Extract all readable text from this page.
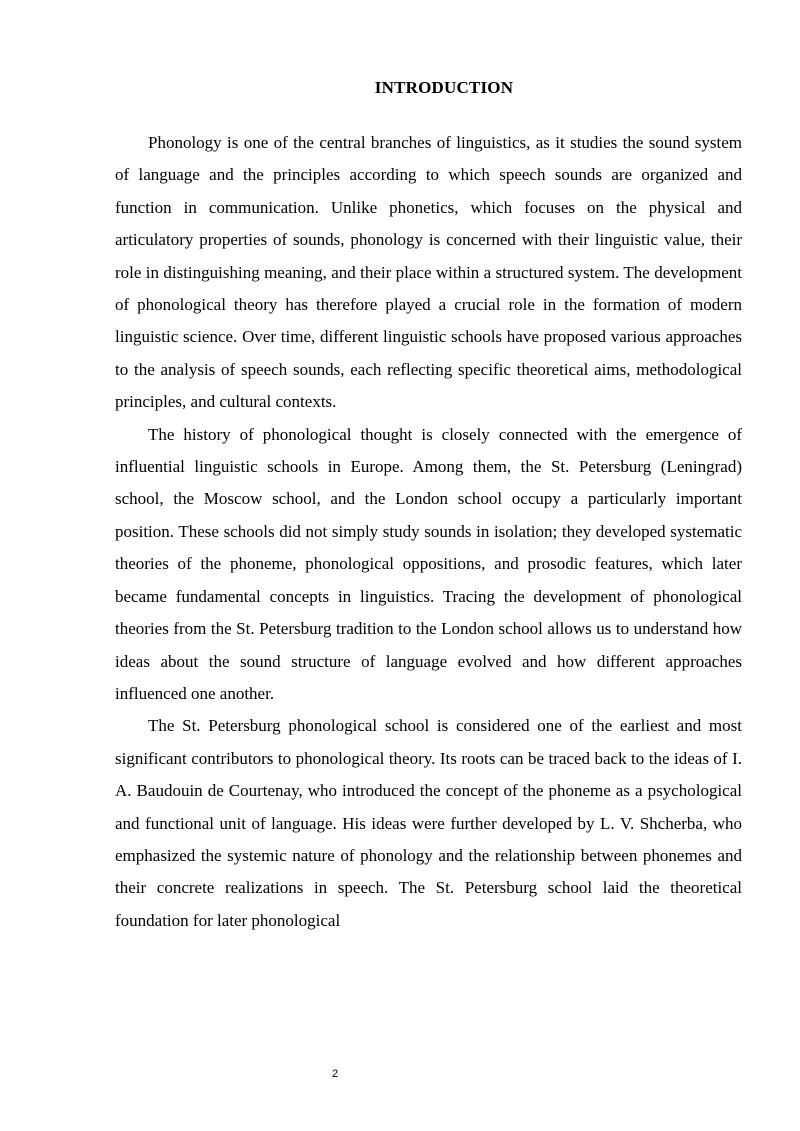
INTRODUCTION

Phonology is one of the central branches of linguistics, as it studies the sound system of language and the principles according to which speech sounds are organized and function in communication. Unlike phonetics, which focuses on the physical and articulatory properties of sounds, phonology is concerned with their linguistic value, their role in distinguishing meaning, and their place within a structured system. The development of phonological theory has therefore played a crucial role in the formation of modern linguistic science. Over time, different linguistic schools have proposed various approaches to the analysis of speech sounds, each reflecting specific theoretical aims, methodological principles, and cultural contexts.

The history of phonological thought is closely connected with the emergence of influential linguistic schools in Europe. Among them, the St. Petersburg (Leningrad) school, the Moscow school, and the London school occupy a particularly important position. These schools did not simply study sounds in isolation; they developed systematic theories of the phoneme, phonological oppositions, and prosodic features, which later became fundamental concepts in linguistics. Tracing the development of phonological theories from the St. Petersburg tradition to the London school allows us to understand how ideas about the sound structure of language evolved and how different approaches influenced one another.

The St. Petersburg phonological school is considered one of the earliest and most significant contributors to phonological theory. Its roots can be traced back to the ideas of I. A. Baudouin de Courtenay, who introduced the concept of the phoneme as a psychological and functional unit of language. His ideas were further developed by L. V. Shcherba, who emphasized the systemic nature of phonology and the relationship between phonemes and their concrete realizations in speech. The St. Petersburg school laid the theoretical foundation for later phonological

2
